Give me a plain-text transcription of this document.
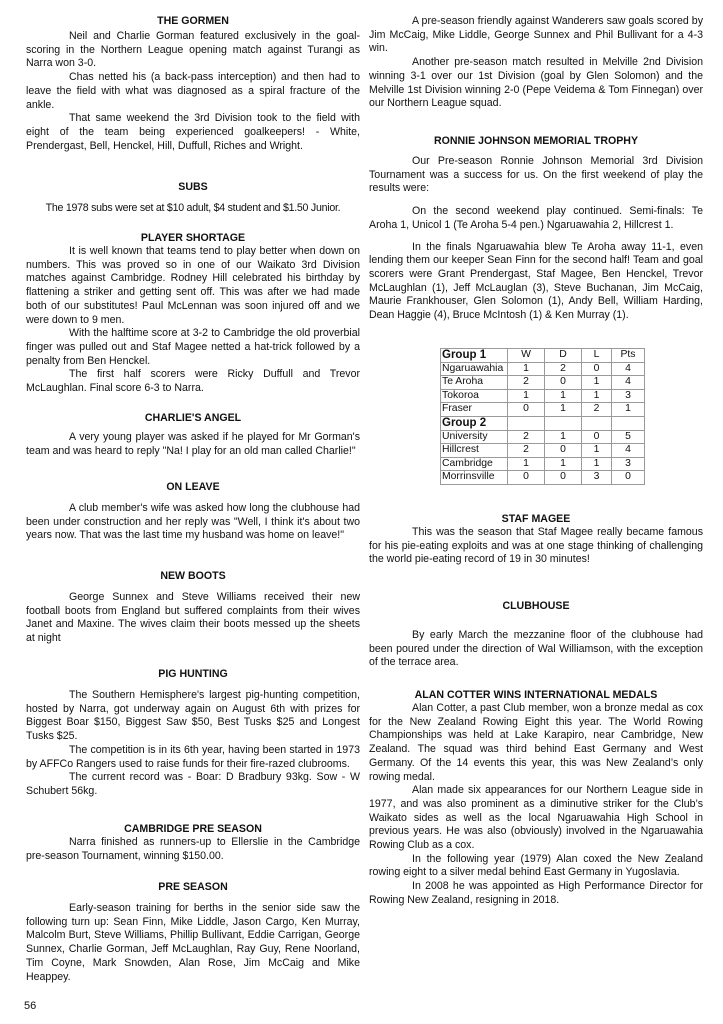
THE GORMEN

Neil and Charlie Gorman featured exclusively in the goal-scoring in the Northern League opening match against Turangi as Narra won 3-0.

Chas netted his (a back-pass interception) and then had to leave the field with what was diagnosed as a spiral fracture of the ankle.

That same weekend the 3rd Division took to the field with eight of the team being experienced goalkeepers! - White, Prendergast, Bell, Henckel, Hill, Duffull, Riches and Wright.

SUBS

The 1978 subs were set at $10 adult, $4 student and $1.50 Junior.

PLAYER SHORTAGE

It is well known that teams tend to play better when down on numbers. This was proved so in one of our Waikato 3rd Division matches against Cambridge. Rodney Hill celebrated his birthday by flattening a striker and getting sent off. This was after we had made both of our substitutes! Paul McLennan was soon injured off and we were down to 9 men.

With the halftime score at 3-2 to Cambridge the old proverbial finger was pulled out and Staf Magee netted a hat-trick followed by a penalty from Ben Henckel.

The first half scorers were Ricky Duffull and Trevor McLaughlan. Final score 6-3 to Narra.

CHARLIE'S ANGEL

A very young player was asked if he played for Mr Gorman's team and was heard to reply "Na! I play for an old man called Charlie!"

ON LEAVE

A club member's wife was asked how long the clubhouse had been under construction and her reply was "Well, I think it's about two years now. That was the last time my husband was home on leave!"

NEW BOOTS

George Sunnex and Steve Williams received their new football boots from England but suffered complaints from their wives Janet and Maxine. The wives claim their boots messed up the sheets at night

PIG HUNTING

The Southern Hemisphere's largest pig-hunting competition, hosted by Narra, got underway again on August 6th with prizes for Biggest Boar $150, Biggest Saw $50, Best Tusks $25 and Longest Tusks $25.

The competition is in its 6th year, having been started in 1973 by AFFCo Rangers used to raise funds for their fire-razed clubrooms.

The current record was - Boar: D Bradbury 93kg. Sow - W Schubert 56kg.

CAMBRIDGE PRE SEASON

Narra finished as runners-up to Ellerslie in the Cambridge pre-season Tournament, winning $150.00.

PRE SEASON

Early-season training for berths in the senior side saw the following turn up: Sean Finn, Mike Liddle, Jason Cargo, Ken Murray, Malcolm Burt, Steve Williams, Phillip Bullivant, Eddie Carrigan, George Sunnex, Charlie Gorman, Jeff McLaughlan, Ray Guy, Rene Noorland, Tim Coyne, Mark Snowden, Alan Rose, Jim McCaig and Mike Heappey.

A pre-season friendly against Wanderers saw goals scored by Jim McCaig, Mike Liddle, George Sunnex and Phil Bullivant for a 4-3 win.

Another pre-season match resulted in Melville 2nd Division winning 3-1 over our 1st Division (goal by Glen Solomon) and the Melville 1st Division winning 2-0 (Pepe Veidema & Tom Finnegan) over our Northern League squad.

RONNIE JOHNSON MEMORIAL TROPHY

Our Pre-season Ronnie Johnson Memorial 3rd Division Tournament was a success for us. On the first weekend of play the results were:

On the second weekend play continued. Semi-finals: Te Aroha 1, Unicol 1 (Te Aroha 5-4 pen.) Ngaruawahia 2, Hillcrest 1.

In the finals Ngaruawahia blew Te Aroha away 11-1, even lending them our keeper Sean Finn for the second half! Team and goal scorers were Grant Prendergast, Staf Magee, Ben Henckel, Trevor McLaughlan (1), Jeff McLauglan (3), Steve Buchanan, Jim McCaig, Maurie Frankhouser, Glen Solomon (1), Andy Bell, William Harding, Dean Haggie (4), Bruce McIntosh (1) & Ken Murray (1).

STAF MAGEE

This was the season that Staf Magee really became famous for his pie-eating exploits and was at one stage thinking of challenging the world pie-eating record of 19 in 30 minutes!

CLUBHOUSE

By early March the mezzanine floor of the clubhouse had been poured under the direction of Wal Williamson, with the exception of the terrace area.

ALAN COTTER WINS INTERNATIONAL MEDALS

Alan Cotter, a past Club member, won a bronze medal as cox for the New Zealand Rowing Eight this year. The World Rowing Championships was held at Lake Karapiro, near Cambridge, New Zealand. The squad was third behind East Germany and West Germany. Of the 14 events this year, this was New Zealand’s only rowing medal.

Alan made six appearances for our Northern League side in 1977, and was also prominent as a diminutive striker for the Club’s Waikato sides as well as the local Ngaruawahia High School in previous years. He was also (obviously) involved in the Ngaruawahia Rowing Club as a cox.

In the following year (1979) Alan coxed the New Zealand rowing eight to a silver medal behind East Germany in Yugoslavia.

In 2008 he was appointed as High Performance Director for Rowing New Zealand, resigning in 2018.

Group 1	W	D	L	Pts
Ngaruawahia	1	2	0	4
Te Aroha	2	0	1	4
Tokoroa	1	1	1	3
Fraser	0	1	2	1
Group 2				
University	2	1	0	5
Hillcrest	2	0	1	4
Cambridge	1	1	1	3
Morrinsville	0	0	3	0
56
